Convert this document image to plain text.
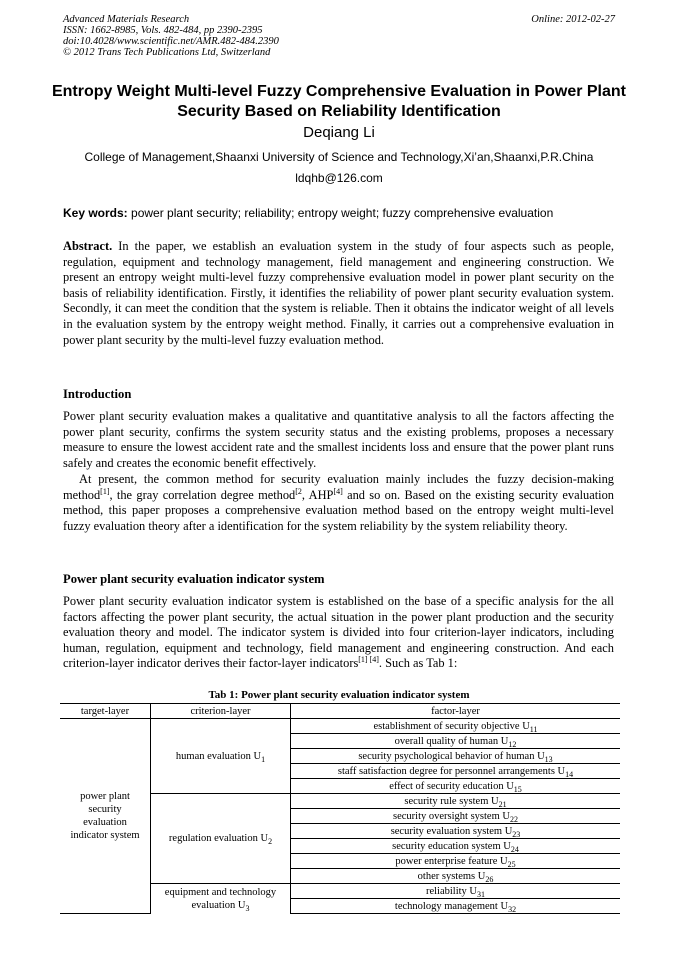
Advanced Materials Research
ISSN: 1662-8985, Vols. 482-484, pp 2390-2395
doi:10.4028/www.scientific.net/AMR.482-484.2390
© 2012 Trans Tech Publications Ltd, Switzerland
Online: 2012-02-27
Entropy Weight Multi-level Fuzzy Comprehensive Evaluation in Power Plant Security Based on Reliability Identification
Deqiang Li
College of Management,Shaanxi University of Science and Technology,Xi’an,Shaanxi,P.R.China
ldqhb@126.com
Key words: power plant security; reliability; entropy weight; fuzzy comprehensive evaluation

Abstract. In the paper, we establish an evaluation system in the study of four aspects such as people, regulation, equipment and technology management, field management and engineering construction. We present an entropy weight multi-level fuzzy comprehensive evaluation model in power plant security on the basis of reliability identification. Firstly, it identifies the reliability of power plant security evaluation system. Secondly, it can meet the condition that the system is reliable. Then it obtains the indicator weight of all levels in the evaluation system by the entropy weight method. Finally, it carries out a comprehensive evaluation in power plant security by the multi-level fuzzy evaluation method.

Introduction

Power plant security evaluation makes a qualitative and quantitative analysis to all the factors affecting the power plant security, confirms the system security status and the existing problems, proposes a necessary measure to ensure the lowest accident rate and the smallest incidents loss and ensure that the power plant runs safely and creates the economic benefit effectively.

At present, the common method for security evaluation mainly includes the fuzzy decision-making method[1], the gray correlation degree method$^{[2}$, AHP[4] and so on. Based on the existing security evaluation method, this paper proposes a comprehensive evaluation method based on the entropy weight multi-level fuzzy evaluation theory after a identification for the system reliability by the system reliability theory.

Power plant security evaluation indicator system

Power plant security evaluation indicator system is established on the base of a specific analysis for the all factors affecting the power plant security, the actual situation in the power plant production and the security evaluation theory and model. The indicator system is divided into four criterion-layer indicators, including human, regulation, equipment and technology, field management and engineering construction. And each criterion-layer indicator derives their factor-layer indicators[1] [4]. Such as Tab 1:

Tab 1: Power plant security evaluation indicator system
target-layer	criterion-layer	factor-layer
power plant security evaluation indicator system	human evaluation $U_1$	establishment of security objective $U_{11}$
		overall quality of human $U_{12}$
		security psychological behavior of human $U_{13}$
		staff satisfaction degree for personnel arrangements $U_{14}$
		effect of security education $U_{15}$
	regulation evaluation $U_2$	security rule system $U_{21}$
		security oversight system $U_{22}$
		security evaluation system $U_{23}$
		security education system $U_{24}$
		power enterprise feature $U_{25}$
		other systems $U_{26}$
	equipment and technology evaluation $U_3$	reliability $U_{31}$
		technology management $U_{32}$
